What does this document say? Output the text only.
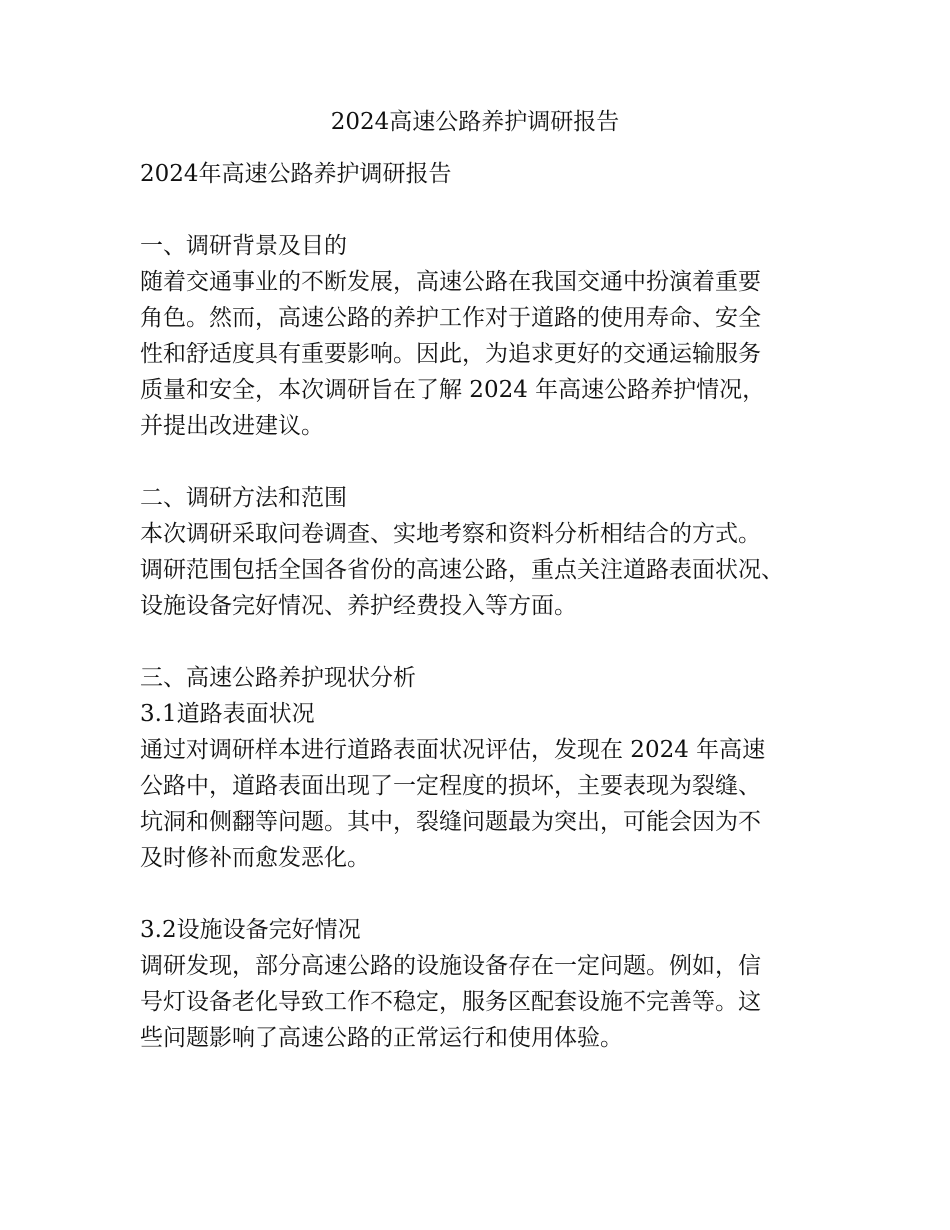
2024高速公路养护调研报告

2024年高速公路养护调研报告

一、调研背景及目的

随着交通事业的不断发展，高速公路在我国交通中扮演着重要

角色。然而，高速公路的养护工作对于道路的使用寿命、安全

性和舒适度具有重要影响。因此，为追求更好的交通运输服务

质量和安全，本次调研旨在了解 2024 年高速公路养护情况，

并提出改进建议。

二、调研方法和范围

本次调研采取问卷调查、实地考察和资料分析相结合的方式。

调研范围包括全国各省份的高速公路，重点关注道路表面状况、

设施设备完好情况、养护经费投入等方面。

三、高速公路养护现状分析

3.1道路表面状况

通过对调研样本进行道路表面状况评估，发现在 2024 年高速

公路中，道路表面出现了一定程度的损坏，主要表现为裂缝、

坑洞和侧翻等问题。其中，裂缝问题最为突出，可能会因为不

及时修补而愈发恶化。

3.2设施设备完好情况

调研发现，部分高速公路的设施设备存在一定问题。例如，信

号灯设备老化导致工作不稳定，服务区配套设施不完善等。这

些问题影响了高速公路的正常运行和使用体验。
